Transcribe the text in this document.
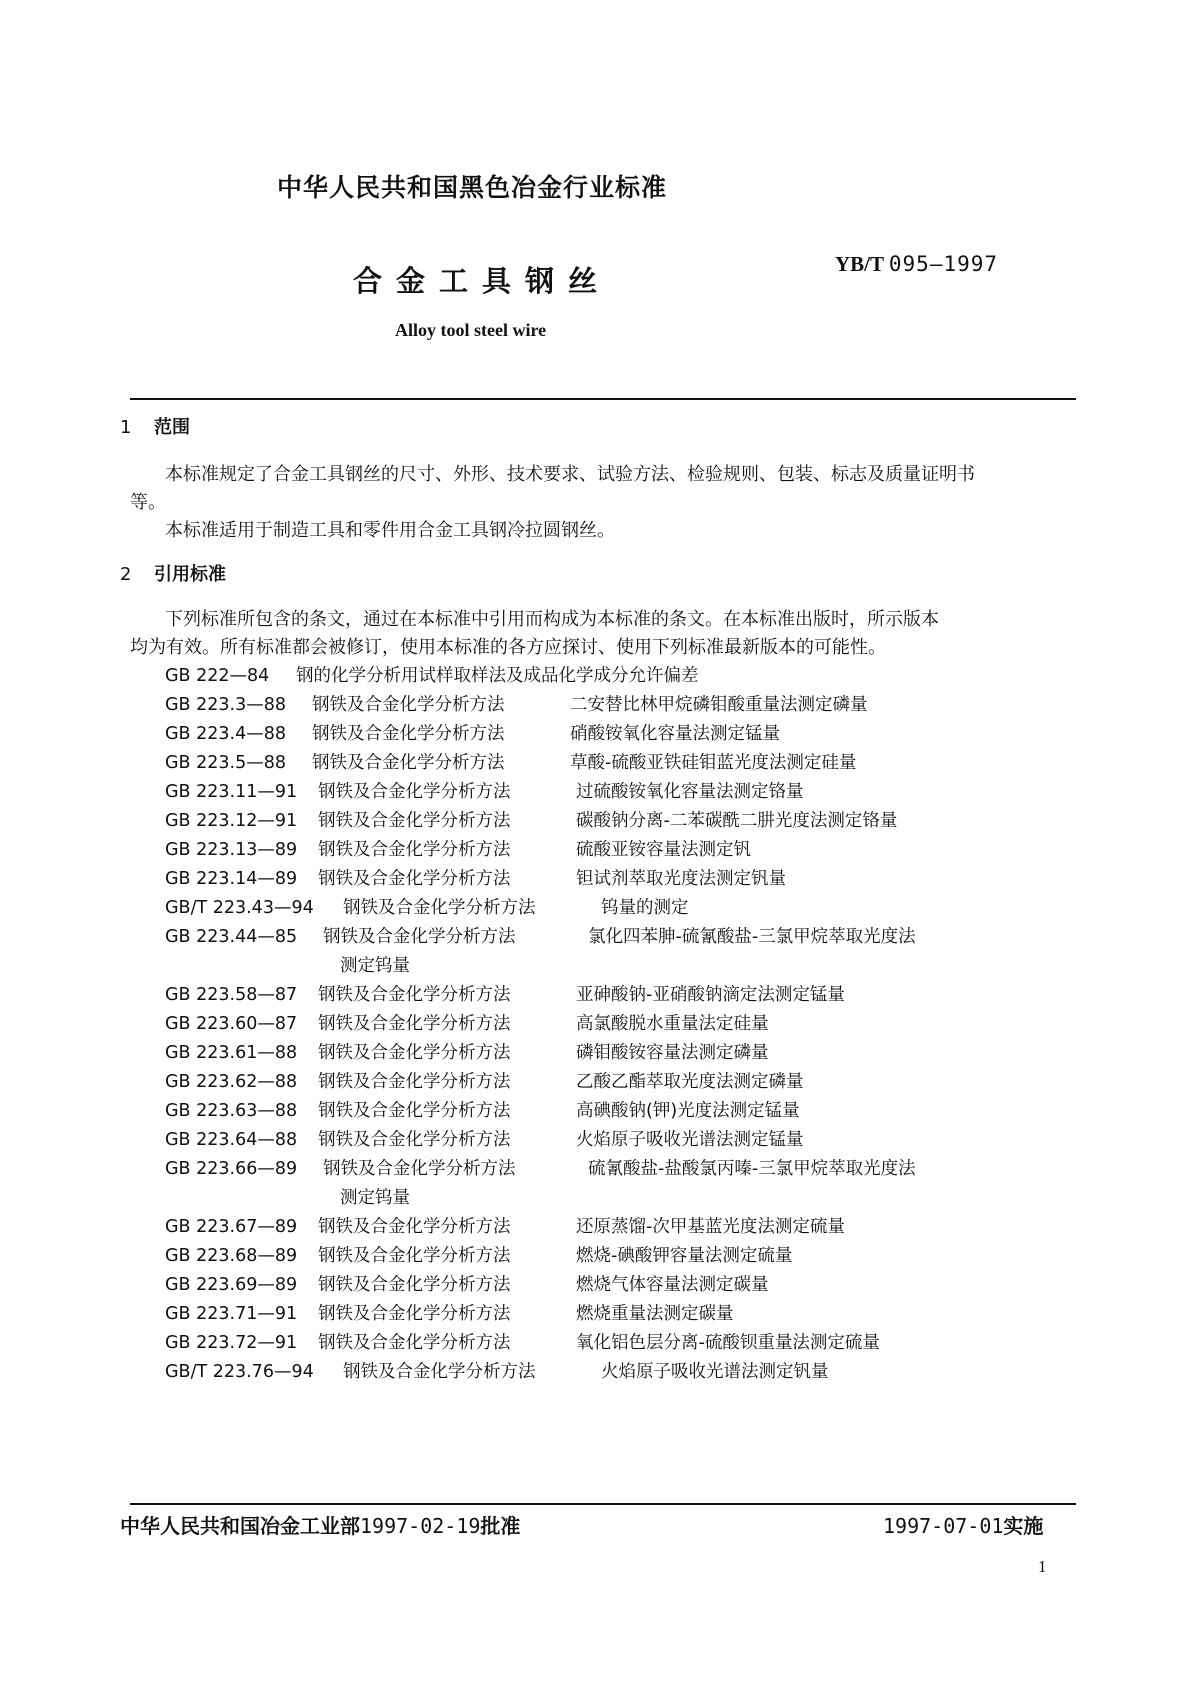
中华人民共和国黑色冶金行业标准
合金工具钢丝	YB/T 095—1997
Alloy tool steel wire
1 范围
本标准规定了合金工具钢丝的尺寸、外形、技术要求、试验方法、检验规则、包装、标志及质量证明书
等。
本标准适用于制造工具和零件用合金工具钢冷拉圆钢丝。
2 引用标准
下列标准所包含的条文，通过在本标准中引用而构成为本标准的条文。在本标准出版时，所示版本
均为有效。所有标准都会被修订，使用本标准的各方应探讨、使用下列标准最新版本的可能性。
GB 222—84 钢的化学分析用试样取样法及成品化学成分允许偏差
GB 223.3—88 钢铁及合金化学分析方法	二安替比林甲烷磷钼酸重量法测定磷量
GB 223.4—88 钢铁及合金化学分析方法	硝酸铵氧化容量法测定锰量
GB 223.5—88 钢铁及合金化学分析方法	草酸-硫酸亚铁硅钼蓝光度法测定硅量
GB 223.11—91 钢铁及合金化学分析方法	过硫酸铵氧化容量法测定铬量
GB 223.12—91 钢铁及合金化学分析方法	碳酸钠分离-二苯碳酰二肼光度法测定铬量
GB 223.13—89 钢铁及合金化学分析方法	硫酸亚铵容量法测定钒
GB 223.14—89 钢铁及合金化学分析方法	钽试剂萃取光度法测定钒量
GB/T 223.43—94 钢铁及合金化学分析方法	钨量的测定
GB 223.44—85 钢铁及合金化学分析方法	氯化四苯胂-硫氰酸盐-三氯甲烷萃取光度法
测定钨量
GB 223.58—87 钢铁及合金化学分析方法	亚砷酸钠-亚硝酸钠滴定法测定锰量
GB 223.60—87 钢铁及合金化学分析方法	高氯酸脱水重量法定硅量
GB 223.61—88 钢铁及合金化学分析方法	磷钼酸铵容量法测定磷量
GB 223.62—88 钢铁及合金化学分析方法	乙酸乙酯萃取光度法测定磷量
GB 223.63—88 钢铁及合金化学分析方法	高碘酸钠(钾)光度法测定锰量
GB 223.64—88 钢铁及合金化学分析方法	火焰原子吸收光谱法测定锰量
GB 223.66—89 钢铁及合金化学分析方法	硫氰酸盐-盐酸氯丙嗪-三氯甲烷萃取光度法
测定钨量
GB 223.67—89 钢铁及合金化学分析方法	还原蒸馏-次甲基蓝光度法测定硫量
GB 223.68—89 钢铁及合金化学分析方法	燃烧-碘酸钾容量法测定硫量
GB 223.69—89 钢铁及合金化学分析方法	燃烧气体容量法测定碳量
GB 223.71—91 钢铁及合金化学分析方法	燃烧重量法测定碳量
GB 223.72—91 钢铁及合金化学分析方法	氧化铝色层分离-硫酸钡重量法测定硫量
GB/T 223.76—94 钢铁及合金化学分析方法	火焰原子吸收光谱法测定钒量
中华人民共和国冶金工业部1997-02-19批准	1997-07-01实施
1
